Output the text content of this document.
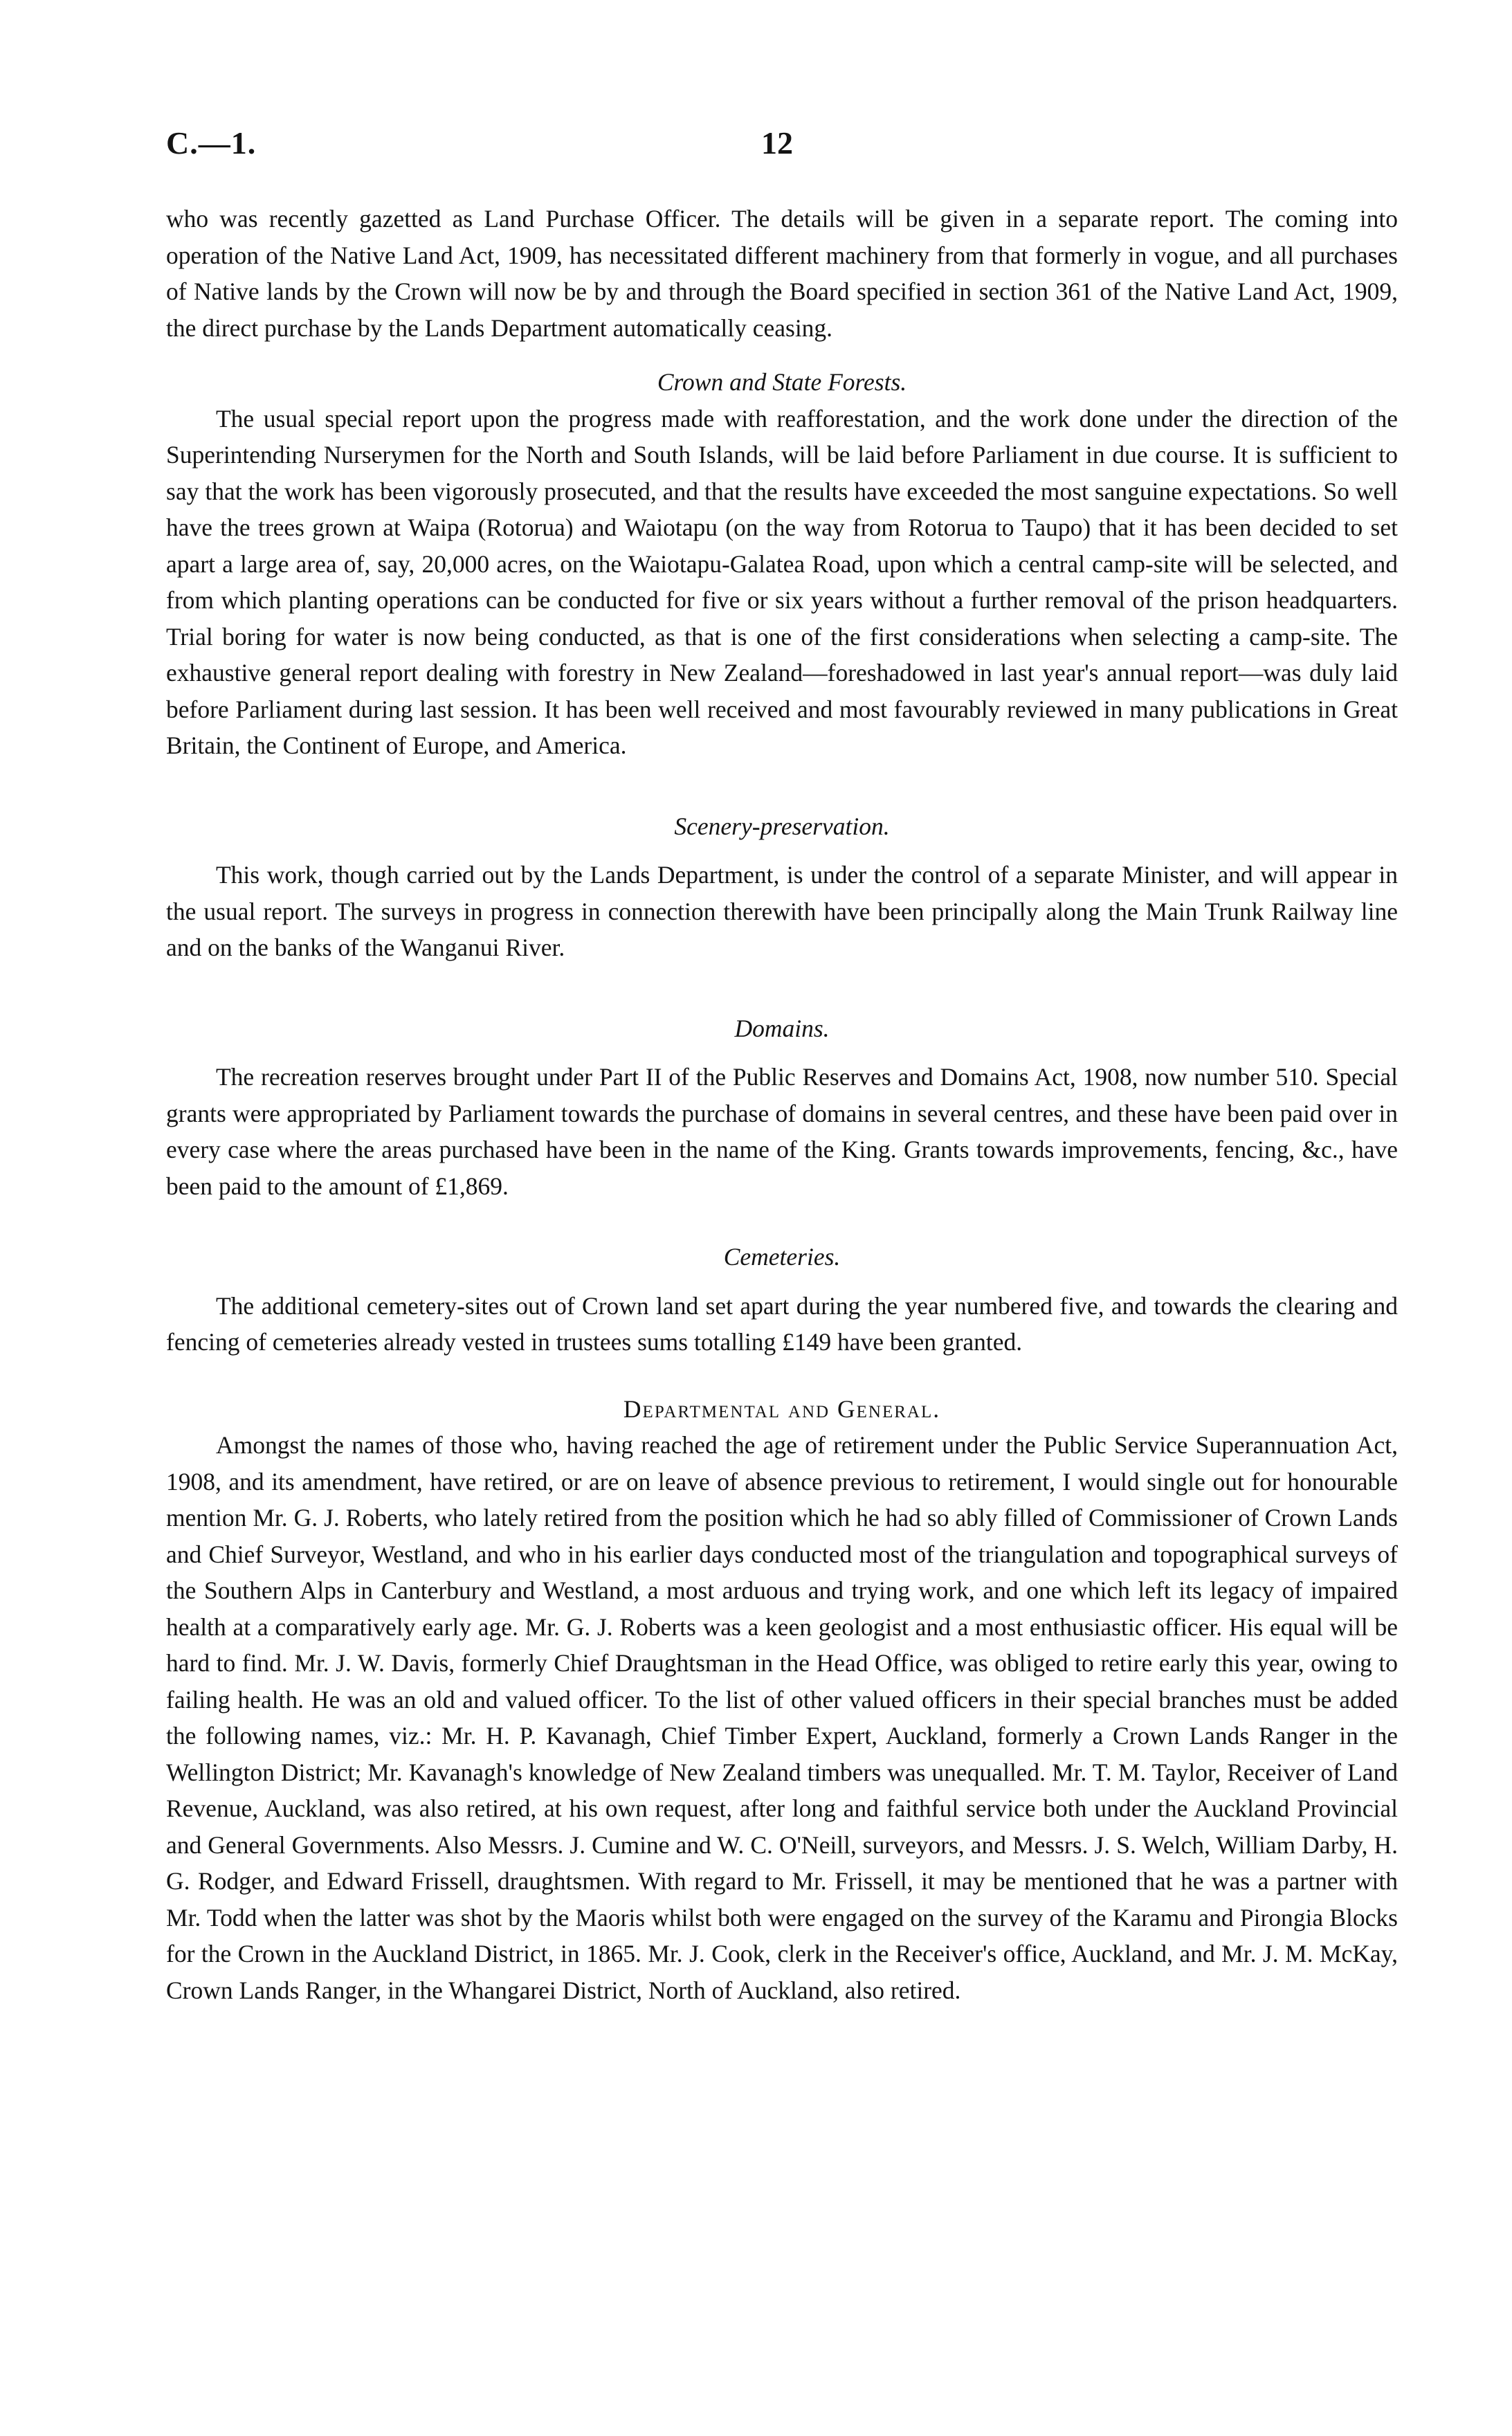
C.—1.	12

who was recently gazetted as Land Purchase Officer. The details will be given in a separate report. The coming into operation of the Native Land Act, 1909, has necessitated different machinery from that formerly in vogue, and all purchases of Native lands by the Crown will now be by and through the Board specified in section 361 of the Native Land Act, 1909, the direct purchase by the Lands Department automatically ceasing.

Crown and State Forests.

The usual special report upon the progress made with reafforestation, and the work done under the direction of the Superintending Nurserymen for the North and South Islands, will be laid before Parliament in due course. It is sufficient to say that the work has been vigorously prosecuted, and that the results have exceeded the most sanguine expectations. So well have the trees grown at Waipa (Rotorua) and Waiotapu (on the way from Rotorua to Taupo) that it has been decided to set apart a large area of, say, 20,000 acres, on the Waiotapu-Galatea Road, upon which a central camp-site will be selected, and from which planting operations can be conducted for five or six years without a further removal of the prison headquarters. Trial boring for water is now being conducted, as that is one of the first considerations when selecting a camp-site. The exhaustive general report dealing with forestry in New Zealand—foreshadowed in last year's annual report—was duly laid before Parliament during last session. It has been well received and most favourably reviewed in many publications in Great Britain, the Continent of Europe, and America.

Scenery-preservation.

This work, though carried out by the Lands Department, is under the control of a separate Minister, and will appear in the usual report. The surveys in progress in connection therewith have been principally along the Main Trunk Railway line and on the banks of the Wanganui River.

Domains.

The recreation reserves brought under Part II of the Public Reserves and Domains Act, 1908, now number 510. Special grants were appropriated by Parliament towards the purchase of domains in several centres, and these have been paid over in every case where the areas purchased have been in the name of the King. Grants towards improvements, fencing, &c., have been paid to the amount of £1,869.

Cemeteries.

The additional cemetery-sites out of Crown land set apart during the year numbered five, and towards the clearing and fencing of cemeteries already vested in trustees sums totalling £149 have been granted.

Departmental and General.

Amongst the names of those who, having reached the age of retirement under the Public Service Superannuation Act, 1908, and its amendment, have retired, or are on leave of absence previous to retirement, I would single out for honourable mention Mr. G. J. Roberts, who lately retired from the position which he had so ably filled of Commissioner of Crown Lands and Chief Surveyor, Westland, and who in his earlier days conducted most of the triangulation and topographical surveys of the Southern Alps in Canterbury and Westland, a most arduous and trying work, and one which left its legacy of impaired health at a comparatively early age. Mr. G. J. Roberts was a keen geologist and a most enthusiastic officer. His equal will be hard to find. Mr. J. W. Davis, formerly Chief Draughtsman in the Head Office, was obliged to retire early this year, owing to failing health. He was an old and valued officer. To the list of other valued officers in their special branches must be added the following names, viz.: Mr. H. P. Kavanagh, Chief Timber Expert, Auckland, formerly a Crown Lands Ranger in the Wellington District; Mr. Kavanagh's knowledge of New Zealand timbers was unequalled. Mr. T. M. Taylor, Receiver of Land Revenue, Auckland, was also retired, at his own request, after long and faithful service both under the Auckland Provincial and General Governments. Also Messrs. J. Cumine and W. C. O'Neill, surveyors, and Messrs. J. S. Welch, William Darby, H. G. Rodger, and Edward Frissell, draughtsmen. With regard to Mr. Frissell, it may be mentioned that he was a partner with Mr. Todd when the latter was shot by the Maoris whilst both were engaged on the survey of the Karamu and Pirongia Blocks for the Crown in the Auckland District, in 1865. Mr. J. Cook, clerk in the Receiver's office, Auckland, and Mr. J. M. McKay, Crown Lands Ranger, in the Whangarei District, North of Auckland, also retired.
